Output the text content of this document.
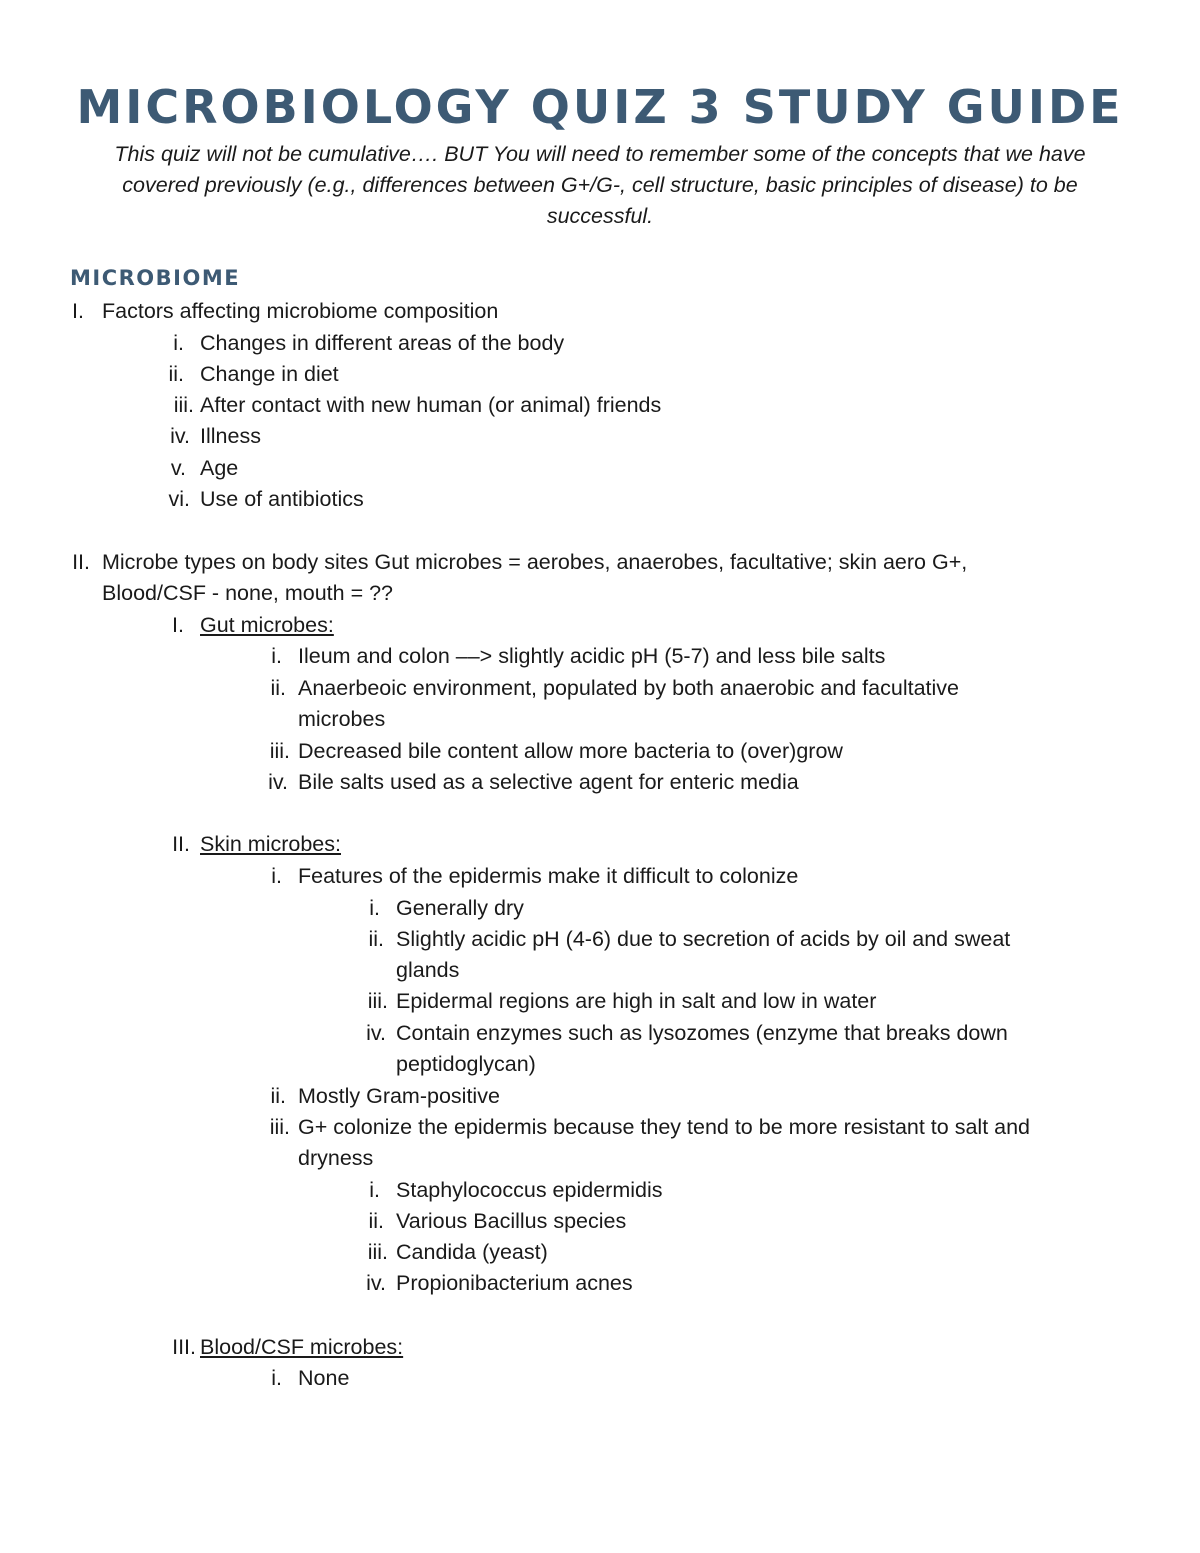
MICROBIOLOGY QUIZ 3 STUDY GUIDE
This quiz will not be cumulative…. BUT You will need to remember some of the concepts that we have covered previously (e.g., differences between G+/G-, cell structure, basic principles of disease) to be successful.
MICROBIOME
I. Factors affecting microbiome composition
i. Changes in different areas of the body
ii. Change in diet
iii. After contact with new human (or animal) friends
iv. Illness
v. Age
vi. Use of antibiotics
II. Microbe types on body sites Gut microbes = aerobes, anaerobes, facultative; skin aero G+,
Blood/CSF - none, mouth = ??
I. Gut microbes:
i. Ileum and colon ––> slightly acidic pH (5-7) and less bile salts
ii. Anaerbeoic environment, populated by both anaerobic and facultative
microbes
iii. Decreased bile content allow more bacteria to (over)grow
iv. Bile salts used as a selective agent for enteric media
II. Skin microbes:
i. Features of the epidermis make it difficult to colonize
i. Generally dry
ii. Slightly acidic pH (4-6) due to secretion of acids by oil and sweat
glands
iii. Epidermal regions are high in salt and low in water
iv. Contain enzymes such as lysozomes (enzyme that breaks down
peptidoglycan)
ii. Mostly Gram-positive
iii. G+ colonize the epidermis because they tend to be more resistant to salt and
dryness
i. Staphylococcus epidermidis
ii. Various Bacillus species
iii. Candida (yeast)
iv. Propionibacterium acnes
III. Blood/CSF microbes:
i. None
